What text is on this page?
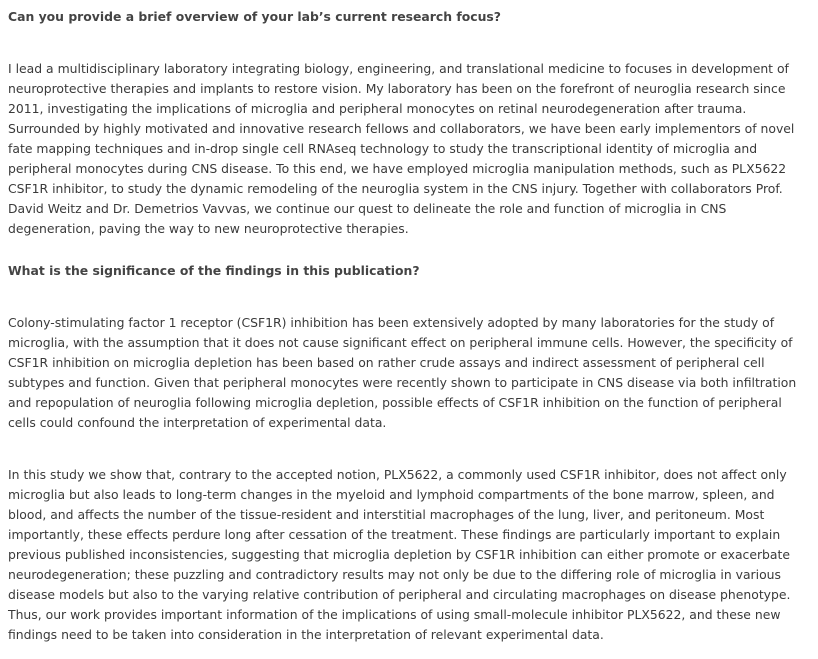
Can you provide a brief overview of your lab’s current research focus?

I lead a multidisciplinary laboratory integrating biology, engineering, and translational medicine to focuses in development of neuroprotective therapies and implants to restore vision. My laboratory has been on the forefront of neuroglia research since 2011, investigating the implications of microglia and peripheral monocytes on retinal neurodegeneration after trauma. Surrounded by highly motivated and innovative research fellows and collaborators, we have been early implementors of novel fate mapping techniques and in-drop single cell RNAseq technology to study the transcriptional identity of microglia and peripheral monocytes during CNS disease. To this end, we have employed microglia manipulation methods, such as PLX5622 CSF1R inhibitor, to study the dynamic remodeling of the neuroglia system in the CNS injury. Together with collaborators Prof. David Weitz and Dr. Demetrios Vavvas, we continue our quest to delineate the role and function of microglia in CNS degeneration, paving the way to new neuroprotective therapies.

What is the significance of the findings in this publication?

Colony-stimulating factor 1 receptor (CSF1R) inhibition has been extensively adopted by many laboratories for the study of microglia, with the assumption that it does not cause significant effect on peripheral immune cells. However, the specificity of CSF1R inhibition on microglia depletion has been based on rather crude assays and indirect assessment of peripheral cell subtypes and function. Given that peripheral monocytes were recently shown to participate in CNS disease via both infiltration and repopulation of neuroglia following microglia depletion, possible effects of CSF1R inhibition on the function of peripheral cells could confound the interpretation of experimental data.

In this study we show that, contrary to the accepted notion, PLX5622, a commonly used CSF1R inhibitor, does not affect only microglia but also leads to long-term changes in the myeloid and lymphoid compartments of the bone marrow, spleen, and blood, and affects the number of the tissue-resident and interstitial macrophages of the lung, liver, and peritoneum. Most importantly, these effects perdure long after cessation of the treatment. These findings are particularly important to explain previous published inconsistencies, suggesting that microglia depletion by CSF1R inhibition can either promote or exacerbate neurodegeneration; these puzzling and contradictory results may not only be due to the differing role of microglia in various disease models but also to the varying relative contribution of peripheral and circulating macrophages on disease phenotype. Thus, our work provides important information of the implications of using small-molecule inhibitor PLX5622, and these new findings need to be taken into consideration in the interpretation of relevant experimental data.
